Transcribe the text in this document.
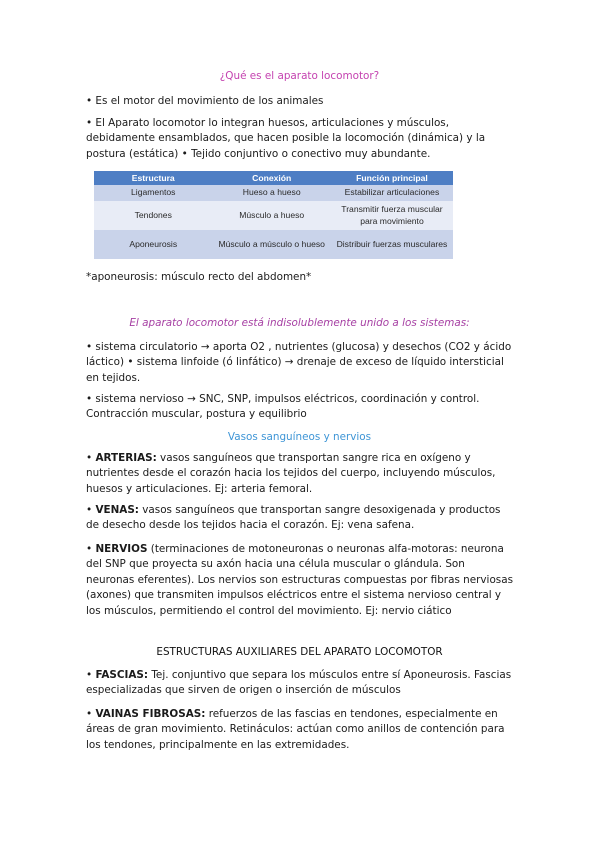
¿Qué es el aparato locomotor?

• Es el motor del movimiento de los animales

• El Aparato locomotor lo integran huesos, articulaciones y músculos, debidamente ensamblados, que hacen posible la locomoción (dinámica) y la postura (estática) • Tejido conjuntivo o conectivo muy abundante.

Estructura	Conexión	Función principal
Ligamentos	Hueso a hueso	Estabilizar articulaciones
Tendones	Músculo a hueso	Transmitir fuerza muscular para movimiento
Aponeurosis	Músculo a músculo o hueso	Distribuir fuerzas musculares

*aponeurosis: músculo recto del abdomen*

El aparato locomotor está indisolublemente unido a los sistemas:

• sistema circulatorio → aporta O2 , nutrientes (glucosa) y desechos (CO2 y ácido láctico) • sistema linfoide (ó linfático) → drenaje de exceso de líquido intersticial en tejidos.

• sistema nervioso → SNC, SNP, impulsos eléctricos, coordinación y control. Contracción muscular, postura y equilibrio

Vasos sanguíneos y nervios

• ARTERIAS: vasos sanguíneos que transportan sangre rica en oxígeno y nutrientes desde el corazón hacia los tejidos del cuerpo, incluyendo músculos, huesos y articulaciones. Ej: arteria femoral.

• VENAS: vasos sanguíneos que transportan sangre desoxigenada y productos de desecho desde los tejidos hacia el corazón. Ej: vena safena.

• NERVIOS (terminaciones de motoneuronas o neuronas alfa-motoras: neurona del SNP que proyecta su axón hacia una célula muscular o glándula. Son neuronas eferentes). Los nervios son estructuras compuestas por fibras nerviosas (axones) que transmiten impulsos eléctricos entre el sistema nervioso central y los músculos, permitiendo el control del movimiento. Ej: nervio ciático

ESTRUCTURAS AUXILIARES DEL APARATO LOCOMOTOR

• FASCIAS: Tej. conjuntivo que separa los músculos entre sí Aponeurosis. Fascias especializadas que sirven de origen o inserción de músculos

• VAINAS FIBROSAS: refuerzos de las fascias en tendones, especialmente en áreas de gran movimiento. Retináculos: actúan como anillos de contención para los tendones, principalmente en las extremidades.
